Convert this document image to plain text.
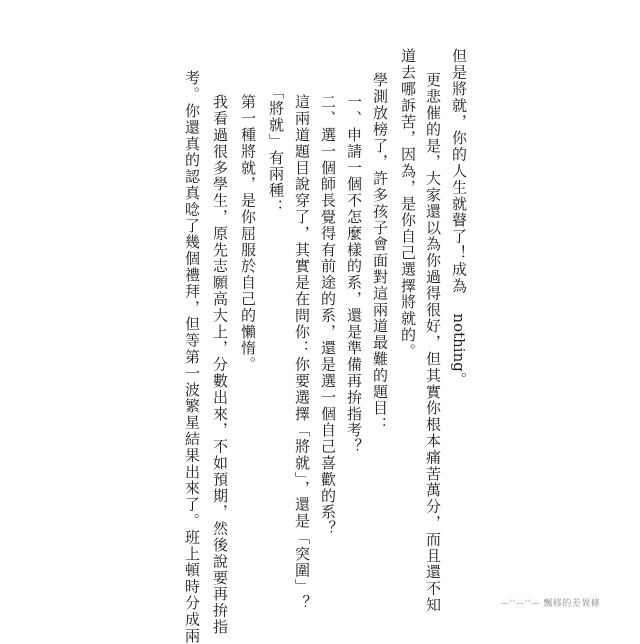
但是將就，你的人生就瞽了！成為 nothing。
更悲催的是，大家還以為你過得很好，但其實你根本痛苦萬分，而且還不知
道去哪訴苦，因為，是你自己選擇將就的。
學測放榜了，許多孩子會面對這兩道最難的題目：
一、申請一個不怎麼樣的系，還是準備再拚指考？
二、選一個師長覺得有前途的系，還是選一個自己喜歡的系？
這兩道題目說穿了，其實是在問你：你要選擇「將就」，還是「突圍」？
「將就」有兩種：
第一種將就，是你屈服於自己的懶惰。
我看過很多學生，原先志願高大上，分數出來，不如預期，然後說要再拚指
考。你還真的認真唸了幾個禮拜，但等第一波繁星結果出來了。班上頓時分成兩	—''—''— 飄移的差異條
